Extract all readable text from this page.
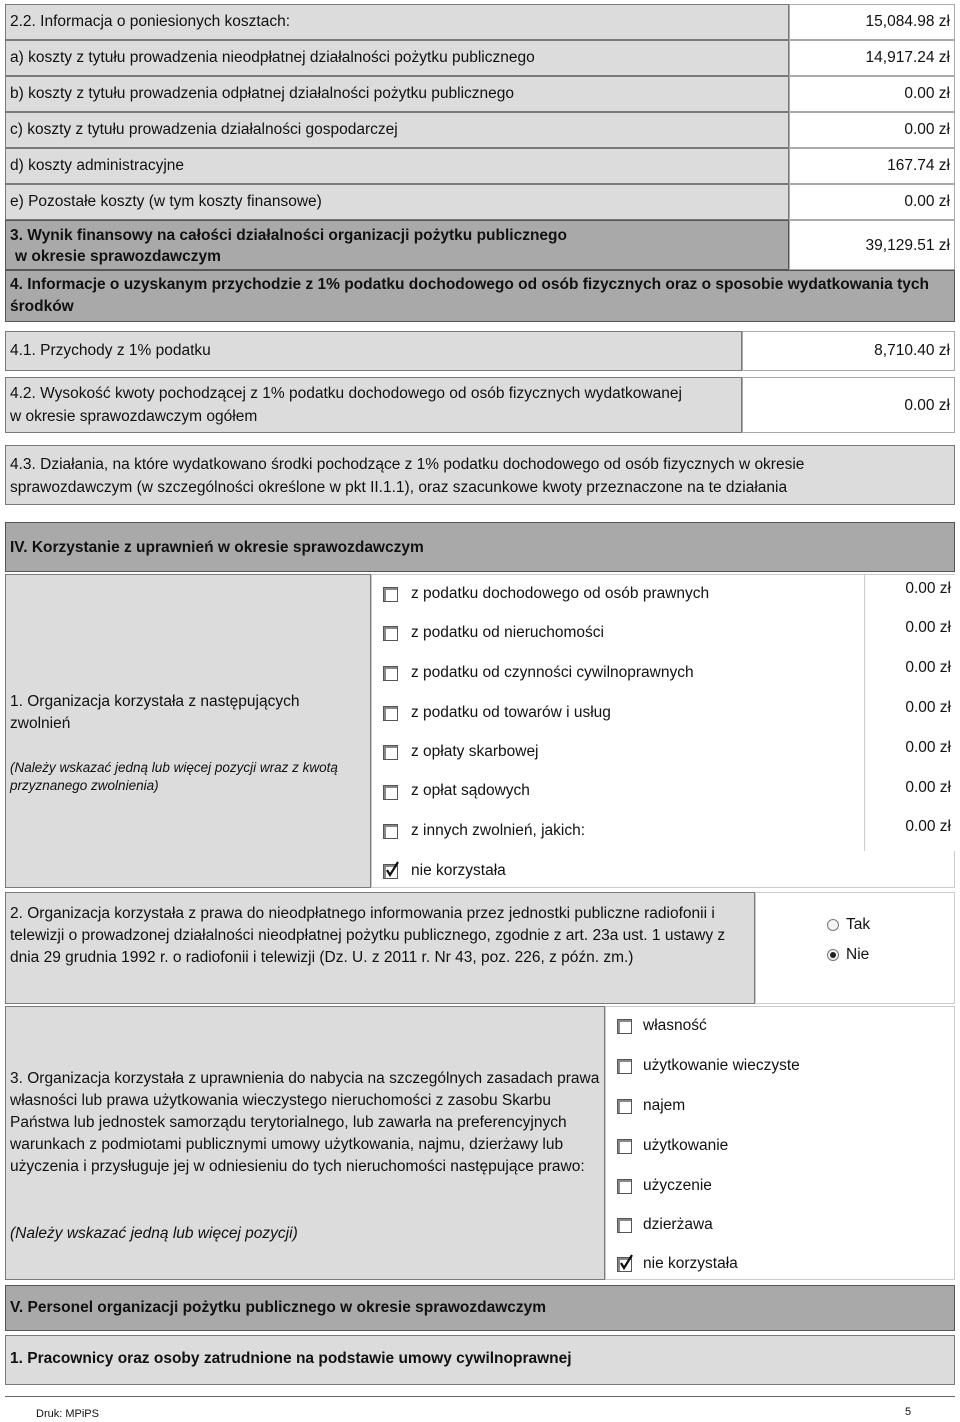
2.2. Informacja o poniesionych kosztach:	15,084.98 zł
a) koszty z tytułu prowadzenia nieodpłatnej działalności pożytku publicznego	14,917.24 zł
b) koszty z tytułu prowadzenia odpłatnej działalności pożytku publicznego	0.00 zł
c) koszty z tytułu prowadzenia działalności gospodarczej	0.00 zł
d) koszty administracyjne	167.74 zł
e) Pozostałe koszty (w tym koszty finansowe)	0.00 zł
3. Wynik finansowy na całości działalności organizacji pożytku publicznego
w okresie sprawozdawczym
39,129.51 zł
4. Informacje o uzyskanym przychodzie z 1% podatku dochodowego od osób fizycznych oraz o sposobie wydatkowania tych środków
4.1. Przychody z 1% podatku	8,710.40 zł
4.2. Wysokość kwoty pochodzącej z 1% podatku dochodowego od osób fizycznych wydatkowanej
w okresie sprawozdawczym ogółem
0.00 zł
4.3. Działania, na które wydatkowano środki pochodzące z 1% podatku dochodowego od osób fizycznych w okresie
sprawozdawczym (w szczególności określone w pkt II.1.1), oraz szacunkowe kwoty przeznaczone na te działania
IV. Korzystanie z uprawnień w okresie sprawozdawczym
1. Organizacja korzystała z następujących zwolnień
(Należy wskazać jedną lub więcej pozycji wraz z kwotą przyznanego zwolnienia)
z podatku dochodowego od osób prawnych	0.00 zł
z podatku od nieruchomości	0.00 zł
z podatku od czynności cywilnoprawnych	0.00 zł
z podatku od towarów i usług	0.00 zł
z opłaty skarbowej	0.00 zł
z opłat sądowych	0.00 zł
z innych zwolnień, jakich:	0.00 zł
nie korzystała
2. Organizacja korzystała z prawa do nieodpłatnego informowania przez jednostki publiczne radiofonii i telewizji o prowadzonej działalności nieodpłatnej pożytku publicznego, zgodnie z art. 23a ust. 1 ustawy z dnia 29 grudnia 1992 r. o radiofonii i telewizji (Dz. U. z 2011 r. Nr 43, poz. 226, z późn. zm.)
Tak
Nie
3. Organizacja korzystała z uprawnienia do nabycia na szczególnych zasadach prawa własności lub prawa użytkowania wieczystego nieruchomości z zasobu Skarbu Państwa lub jednostek samorządu terytorialnego, lub zawarła na preferencyjnych warunkach z podmiotami publicznymi umowy użytkowania, najmu, dzierżawy lub użyczenia i przysługuje jej w odniesieniu do tych nieruchomości następujące prawo:
(Należy wskazać jedną lub więcej pozycji)
własność
użytkowanie wieczyste
najem
użytkowanie
użyczenie
dzierżawa
nie korzystała
V. Personel organizacji pożytku publicznego w okresie sprawozdawczym
1. Pracownicy oraz osoby zatrudnione na podstawie umowy cywilnoprawnej
Druk: MPiPS	5
